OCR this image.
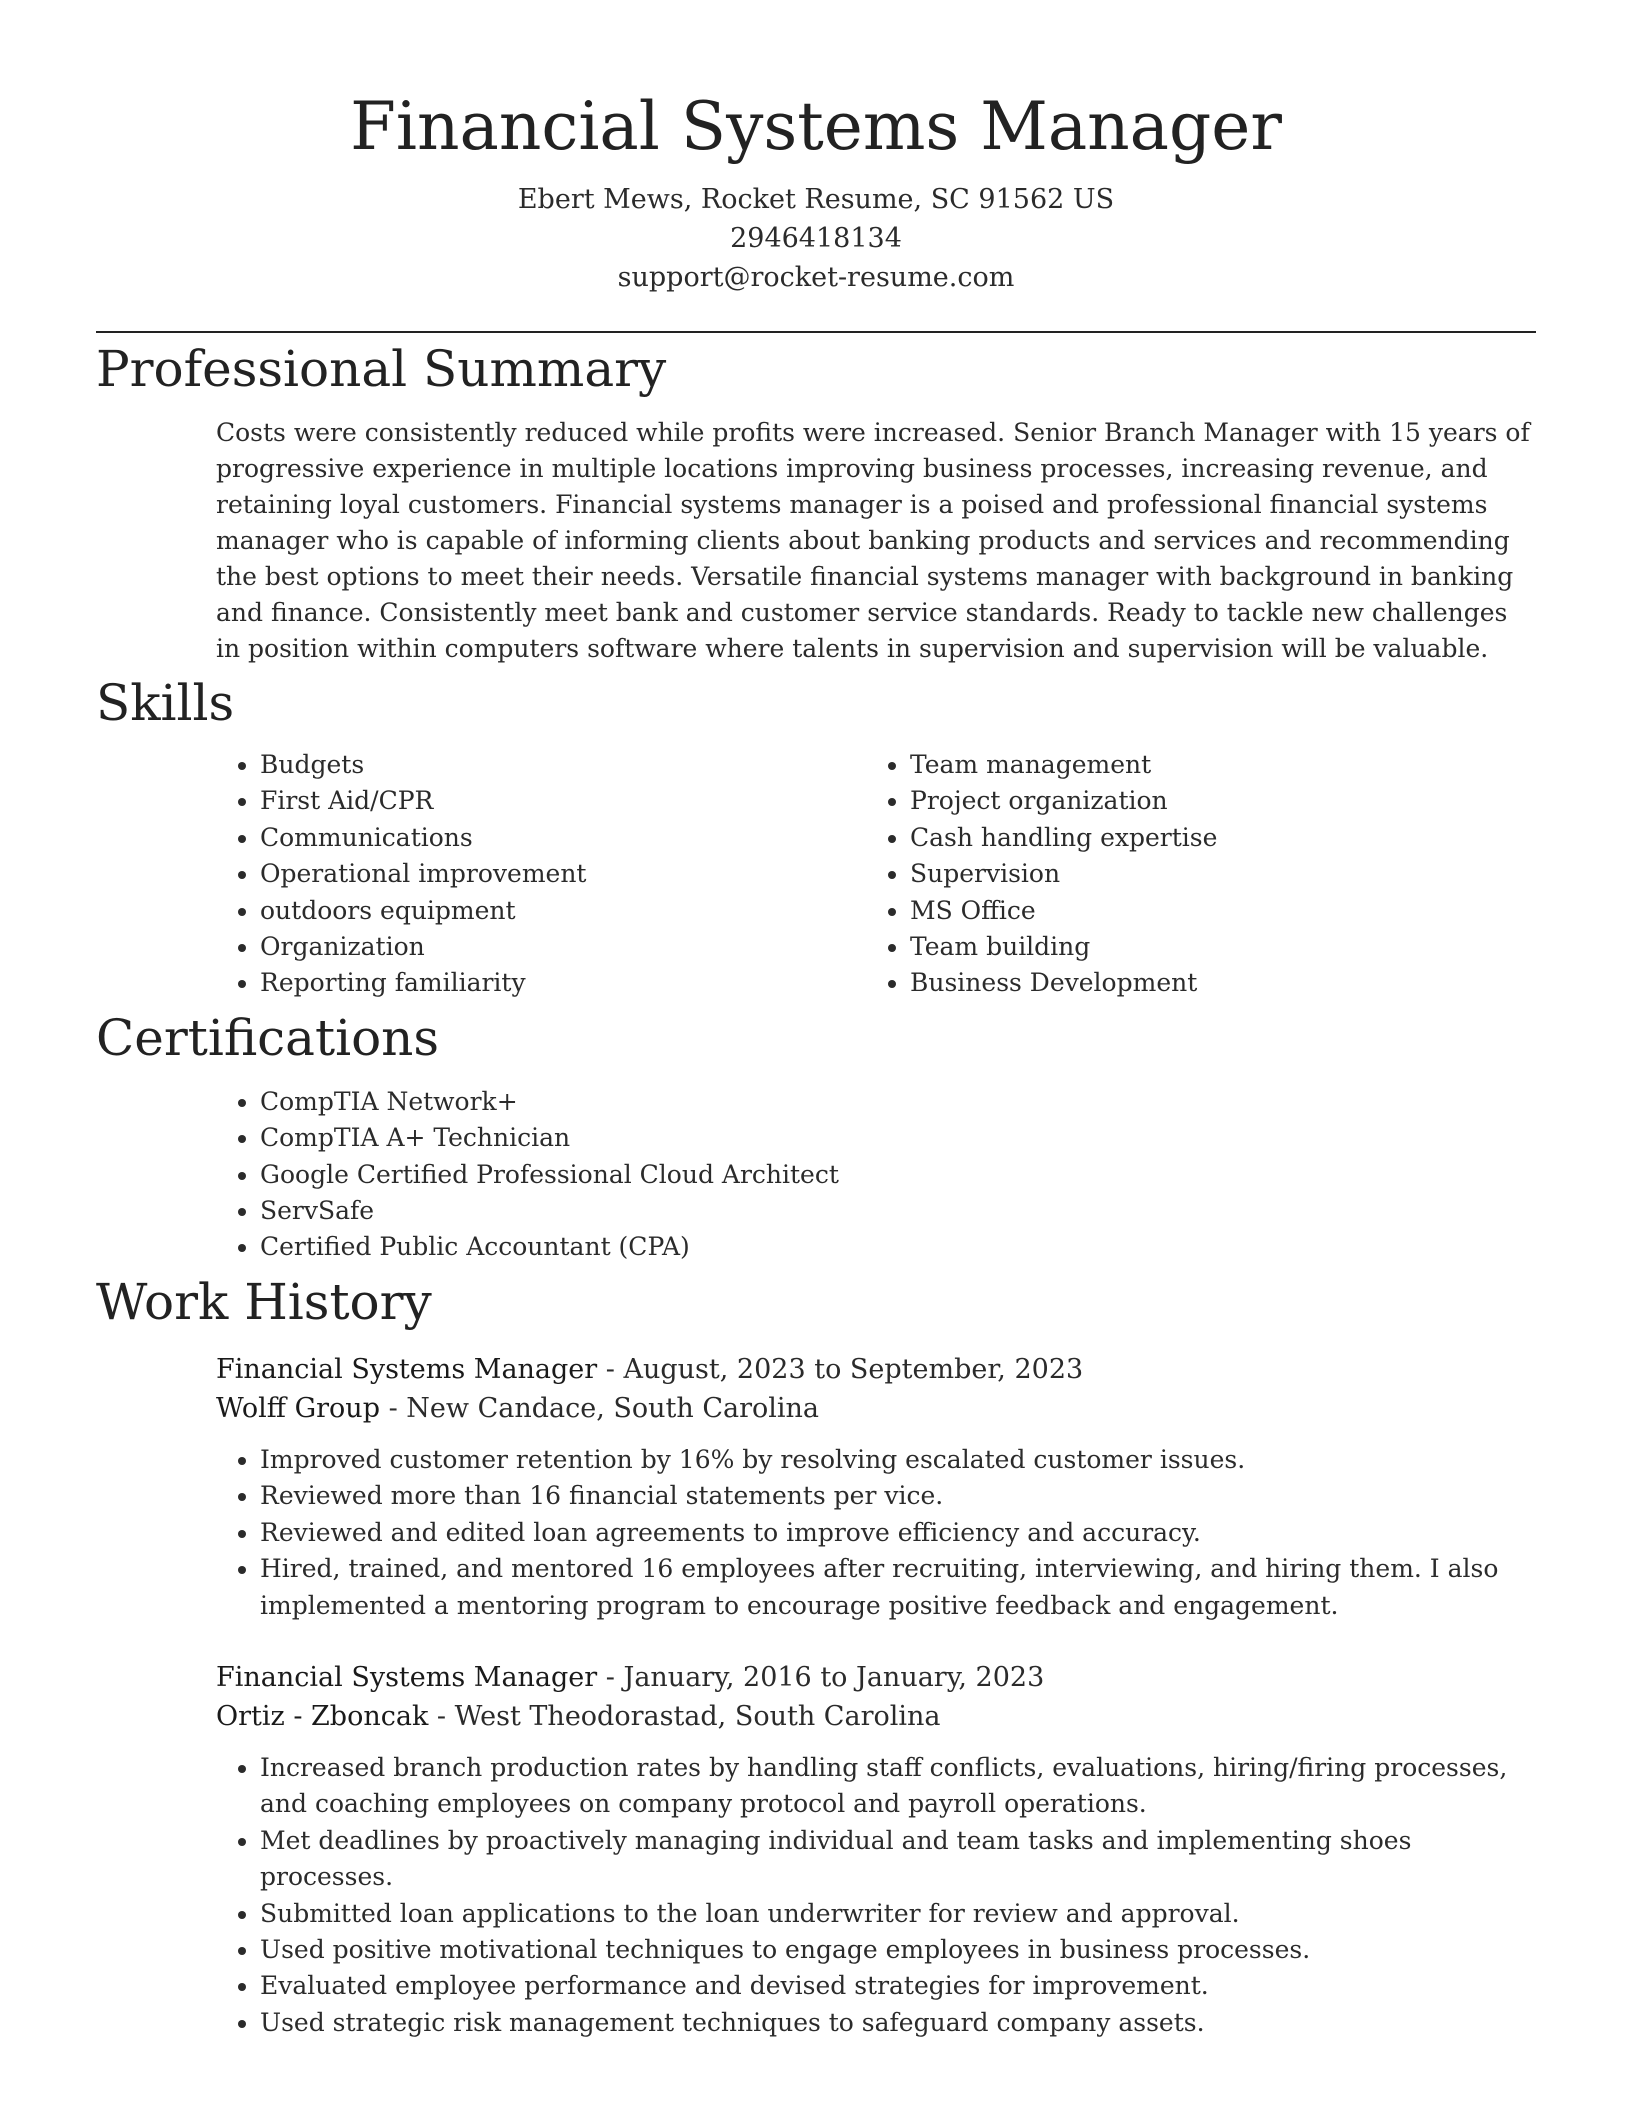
Financial Systems Manager

Ebert Mews, Rocket Resume, SC 91562 US

2946418134

support@rocket-resume.com

Professional Summary

Costs were consistently reduced while profits were increased. Senior Branch Manager with 15 years of progressive experience in multiple locations improving business processes, increasing revenue, and retaining loyal customers. Financial systems manager is a poised and professional financial systems manager who is capable of informing clients about banking products and services and recommending the best options to meet their needs. Versatile financial systems manager with background in banking and finance. Consistently meet bank and customer service standards. Ready to tackle new challenges in position within computers software where talents in supervision and supervision will be valuable.

Skills
• Budgets
• First Aid/CPR
• Communications
• Operational improvement
• outdoors equipment
• Organization
• Reporting familiarity
• Team management
• Project organization
• Cash handling expertise
• Supervision
• MS Office
• Team building
• Business Development
Certifications
• CompTIA Network+
• CompTIA A+ Technician
• Google Certified Professional Cloud Architect
• ServSafe
• Certified Public Accountant (CPA)
Work History

Financial Systems Manager - August, 2023 to September, 2023

Wolff Group - New Candace, South Carolina

• Improved customer retention by 16% by resolving escalated customer issues.
• Reviewed more than 16 financial statements per vice.
• Reviewed and edited loan agreements to improve efficiency and accuracy.
• Hired, trained, and mentored 16 employees after recruiting, interviewing, and hiring them. I also implemented a mentoring program to encourage positive feedback and engagement.

Financial Systems Manager - January, 2016 to January, 2023

Ortiz - Zboncak - West Theodorastad, South Carolina

• Increased branch production rates by handling staff conflicts, evaluations, hiring/firing processes, and coaching employees on company protocol and payroll operations.
• Met deadlines by proactively managing individual and team tasks and implementing shoes processes.
• Submitted loan applications to the loan underwriter for review and approval.
• Used positive motivational techniques to engage employees in business processes.
• Evaluated employee performance and devised strategies for improvement.
• Used strategic risk management techniques to safeguard company assets.
